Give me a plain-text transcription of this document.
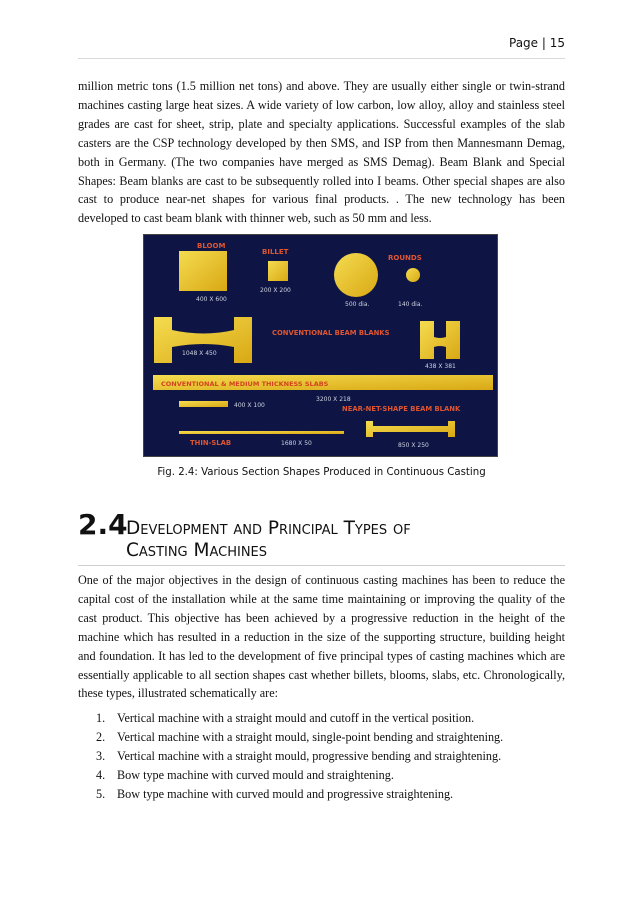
Page | 15
million metric tons (1.5 million net tons) and above. They are usually either single or twin-strand machines casting large heat sizes. A wide variety of low carbon, low alloy, alloy and stainless steel grades are cast for sheet, strip, plate and specialty applications. Successful examples of the slab casters are the CSP technology developed by then SMS, and ISP from then Mannesmann Demag, both in Germany. (The two companies have merged as SMS Demag). Beam Blank and Special Shapes: Beam blanks are cast to be subsequently rolled into I beams. Other special shapes are also cast to produce near-net shapes for various final products. . The new technology has been developed to cast beam blank with thinner web, such as 50 mm and less.
BLOOM
400 X 600
BILLET
200 X 200
ROUNDS
500 dia.	140 dia.
1048 X 450
CONVENTIONAL BEAM BLANKS
438 X 381
CONVENTIONAL & MEDIUM THICKNESS SLABS
3200 X 218
400 X 100	NEAR-NET-SHAPE BEAM BLANK
850 X 250
THIN-SLAB	1680 X 50
Fig. 2.4: Various Section Shapes Produced in Continuous Casting
2.4Development and Principal Types of
Casting Machines
One of the major objectives in the design of continuous casting machines has been to reduce the capital cost of the installation while at the same time maintaining or improving the quality of the cast product. This objective has been achieved by a progressive reduction in the height of the machine which has resulted in a reduction in the size of the supporting structure, building height and foundation. It has led to the development of five principal types of casting machines which are essentially applicable to all section shapes cast whether billets, blooms, slabs, etc. Chronologically, these types, illustrated schematically are:
1. Vertical machine with a straight mould and cutoff in the vertical position.
2. Vertical machine with a straight mould, single-point bending and straightening.
3. Vertical machine with a straight mould, progressive bending and straightening.
4. Bow type machine with curved mould and straightening.
5. Bow type machine with curved mould and progressive straightening.
